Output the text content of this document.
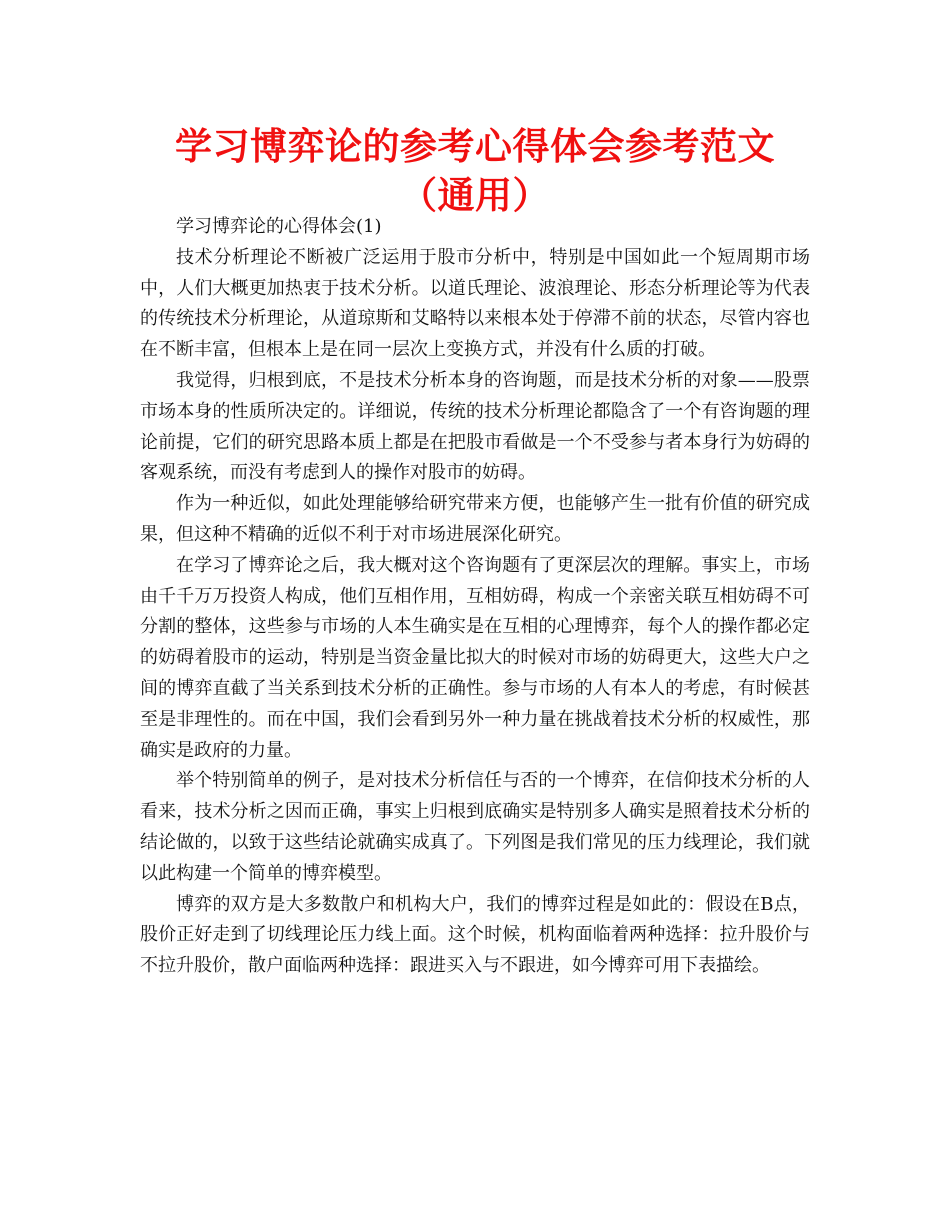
学习博弈论的参考心得体会参考范文（通用）

学习博弈论的心得体会(1)

技术分析理论不断被广泛运用于股市分析中，特别是中国如此一个短周期市场中，人们大概更加热衷于技术分析。以道氏理论、波浪理论、形态分析理论等为代表的传统技术分析理论，从道琼斯和艾略特以来根本处于停滞不前的状态，尽管内容也在不断丰富，但根本上是在同一层次上变换方式，并没有什么质的打破。

我觉得，归根到底，不是技术分析本身的咨询题，而是技术分析的对象——股票市场本身的性质所决定的。详细说，传统的技术分析理论都隐含了一个有咨询题的理论前提，它们的研究思路本质上都是在把股市看做是一个不受参与者本身行为妨碍的客观系统，而没有考虑到人的操作对股市的妨碍。

作为一种近似，如此处理能够给研究带来方便，也能够产生一批有价值的研究成果，但这种不精确的近似不利于对市场进展深化研究。

在学习了博弈论之后，我大概对这个咨询题有了更深层次的理解。事实上，市场由千千万万投资人构成，他们互相作用，互相妨碍，构成一个亲密关联互相妨碍不可分割的整体，这些参与市场的人本生确实是在互相的心理博弈，每个人的操作都必定的妨碍着股市的运动，特别是当资金量比拟大的时候对市场的妨碍更大，这些大户之间的博弈直截了当关系到技术分析的正确性。参与市场的人有本人的考虑，有时候甚至是非理性的。而在中国，我们会看到另外一种力量在挑战着技术分析的权威性，那确实是政府的力量。

举个特别简单的例子，是对技术分析信任与否的一个博弈，在信仰技术分析的人看来，技术分析之因而正确，事实上归根到底确实是特别多人确实是照着技术分析的结论做的，以致于这些结论就确实成真了。下列图是我们常见的压力线理论，我们就以此构建一个简单的博弈模型。

博弈的双方是大多数散户和机构大户，我们的博弈过程是如此的：假设在B点，股价正好走到了切线理论压力线上面。这个时候，机构面临着两种选择：拉升股价与不拉升股价，散户面临两种选择：跟进买入与不跟进，如今博弈可用下表描绘。
